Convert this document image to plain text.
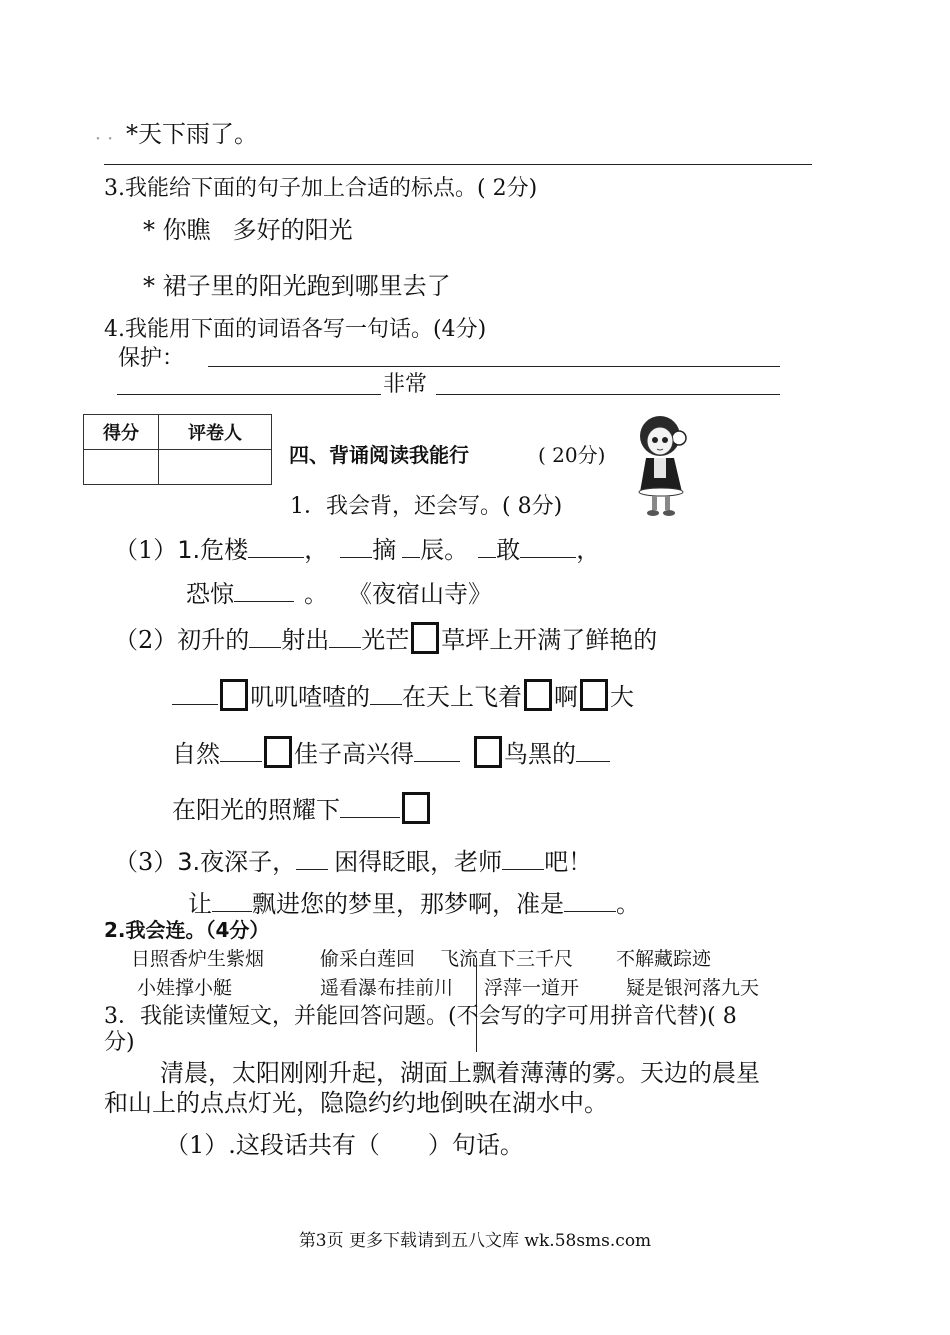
· · *天下雨了。
3.我能给下面的句子加上合适的标点。( 2分)
* 你瞧 多好的阳光
* 裙子里的阳光跑到哪里去了
4.我能用下面的词语各写一句话。(4分)
保护：
非常
得分	评卷人

四、背诵阅读我能行	( 20分)
1．我会背，还会写。( 8分)
（1）1.危楼 ， 摘 辰。 敢 ，
恐惊	。 《夜宿山寺》
（2）初升的 射出 光芒 草坪上开满了鲜艳的
叽叽喳喳的 在天上飞着 啊 大
自然	佳子高兴得	鸟黑的
在阳光的照耀下
（3）3.夜深子， 困得眨眼，老师 吧！
让 飘进您的梦里，那梦啊，准是 。
2.我会连。（4分）
日照香炉生紫烟	偷采白莲回 飞流直下三千尺 不解藏踪迹
小娃撑小艇	遥看瀑布挂前川 浮萍一道开 疑是银河落九天
3．我能读懂短文，并能回答问题。(不会写的字可用拼音代替)( 8
分)
清晨，太阳刚刚升起，湖面上飘着薄薄的雾。天边的晨星
和山上的点点灯光，隐隐约约地倒映在湖水中。
（1）.这段话共有（　　）句话。
第3页 更多下载请到五八文库 wk.58sms.com
